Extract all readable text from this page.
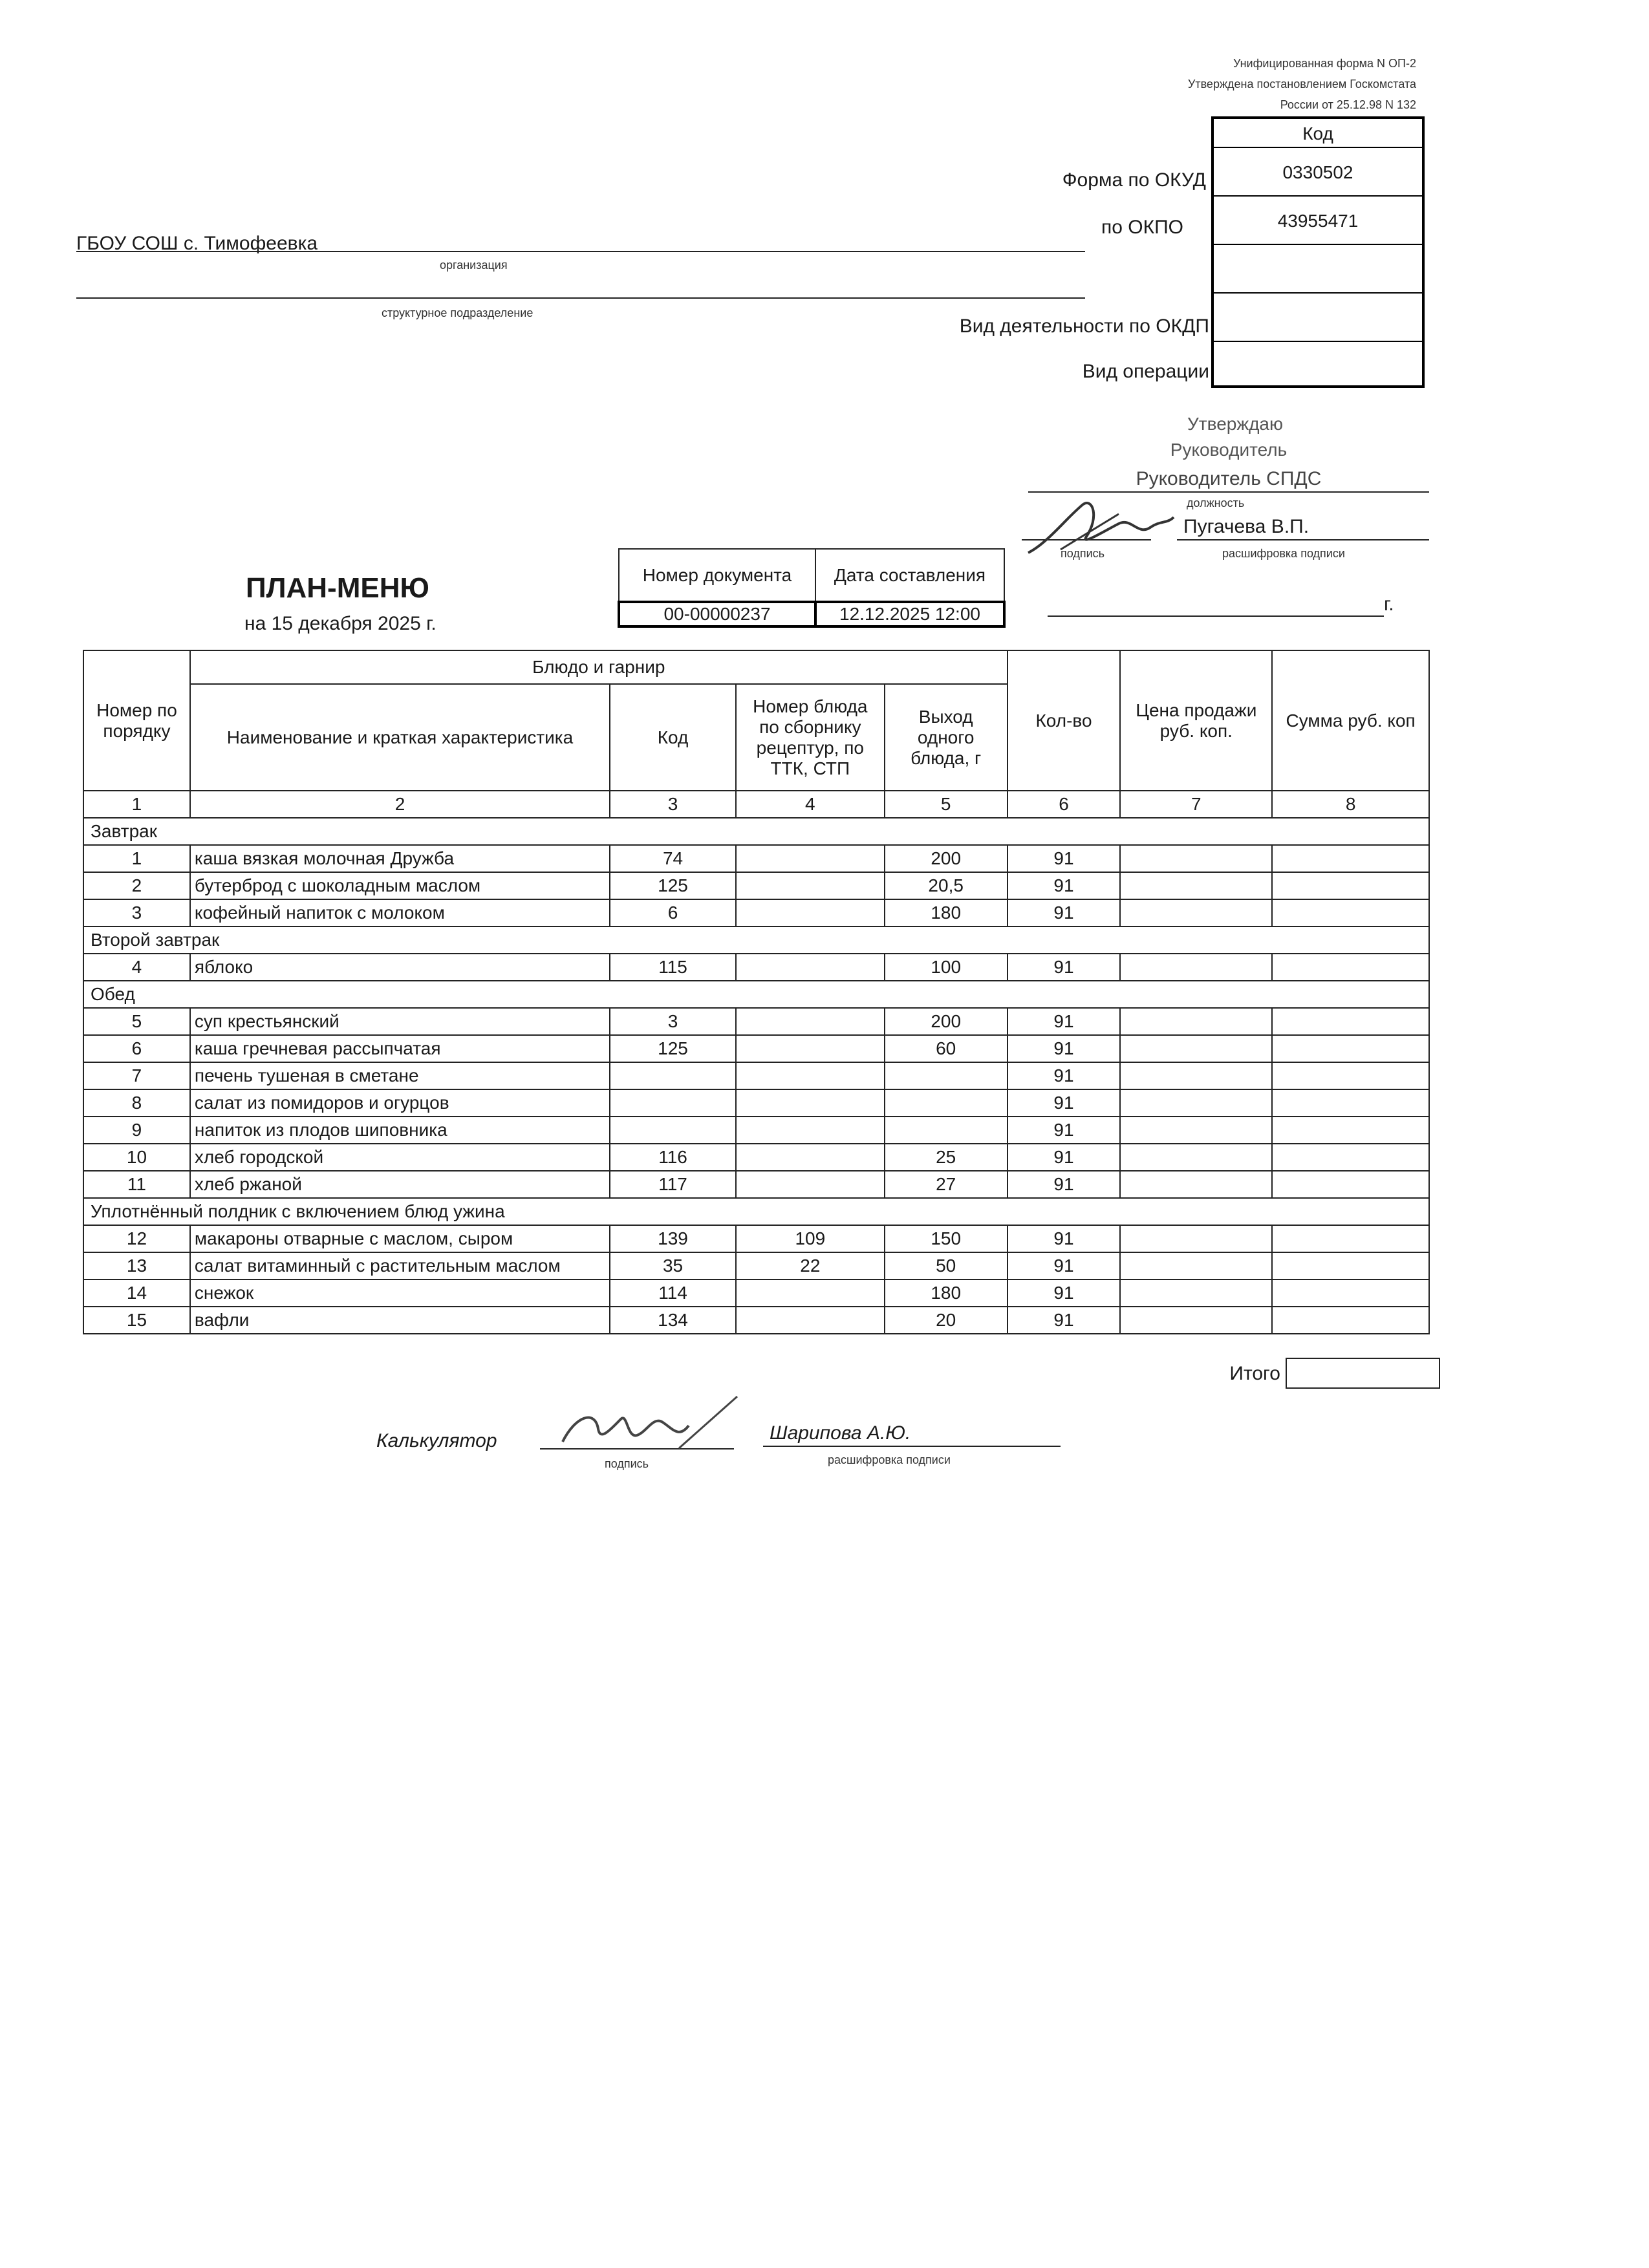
Унифицированная форма N ОП-2
Утверждена постановлением Госкомстата
России от 25.12.98 N 132
Код
0330502
43955471
Форма по ОКУД
по ОКПО
Вид деятельности по ОКДП
Вид операции
ГБОУ СОШ с. Тимофеевка
организация
структурное подразделение
Утверждаю
Руководитель
Руководитель СПДС
должность
Пугачева В.П.
подпись	расшифровка подписи
г.
ПЛАН-МЕНЮ
на 15 декабря 2025 г.
Номер документа	Дата составления
00-00000237	12.12.2025 12:00
Номер по порядку	Блюдо и гарнир				Кол-во	Цена продажи руб. коп.	Сумма руб. коп
	Наименование и краткая характеристика	Код	Номер блюда по сборнику рецептур, по ТТК, СТП	Выход одного блюда, г			
1	2	3	4	5	6	7	8
Завтрак							
1	каша вязкая молочная Дружба	74		200	91		
2	бутерброд с шоколадным маслом	125		20,5	91		
3	кофейный напиток с молоком	6		180	91		
Второй завтрак							
4	яблоко	115		100	91		
Обед							
5	суп крестьянский	3		200	91		
6	каша гречневая рассыпчатая	125		60	91		
7	печень тушеная в сметане				91		
8	салат из помидоров и огурцов				91		
9	напиток из плодов шиповника				91		
10	хлеб городской	116		25	91		
11	хлеб ржаной	117		27	91		
Уплотнённый полдник с включением блюд ужина							
12	макароны отварные с маслом, сыром	139	109	150	91		
13	салат витаминный с растительным маслом	35	22	50	91		
14	снежок	114		180	91		
15	вафли	134		20	91		
Итого
Калькулятор
подпись
Шарипова А.Ю.
расшифровка подписи
